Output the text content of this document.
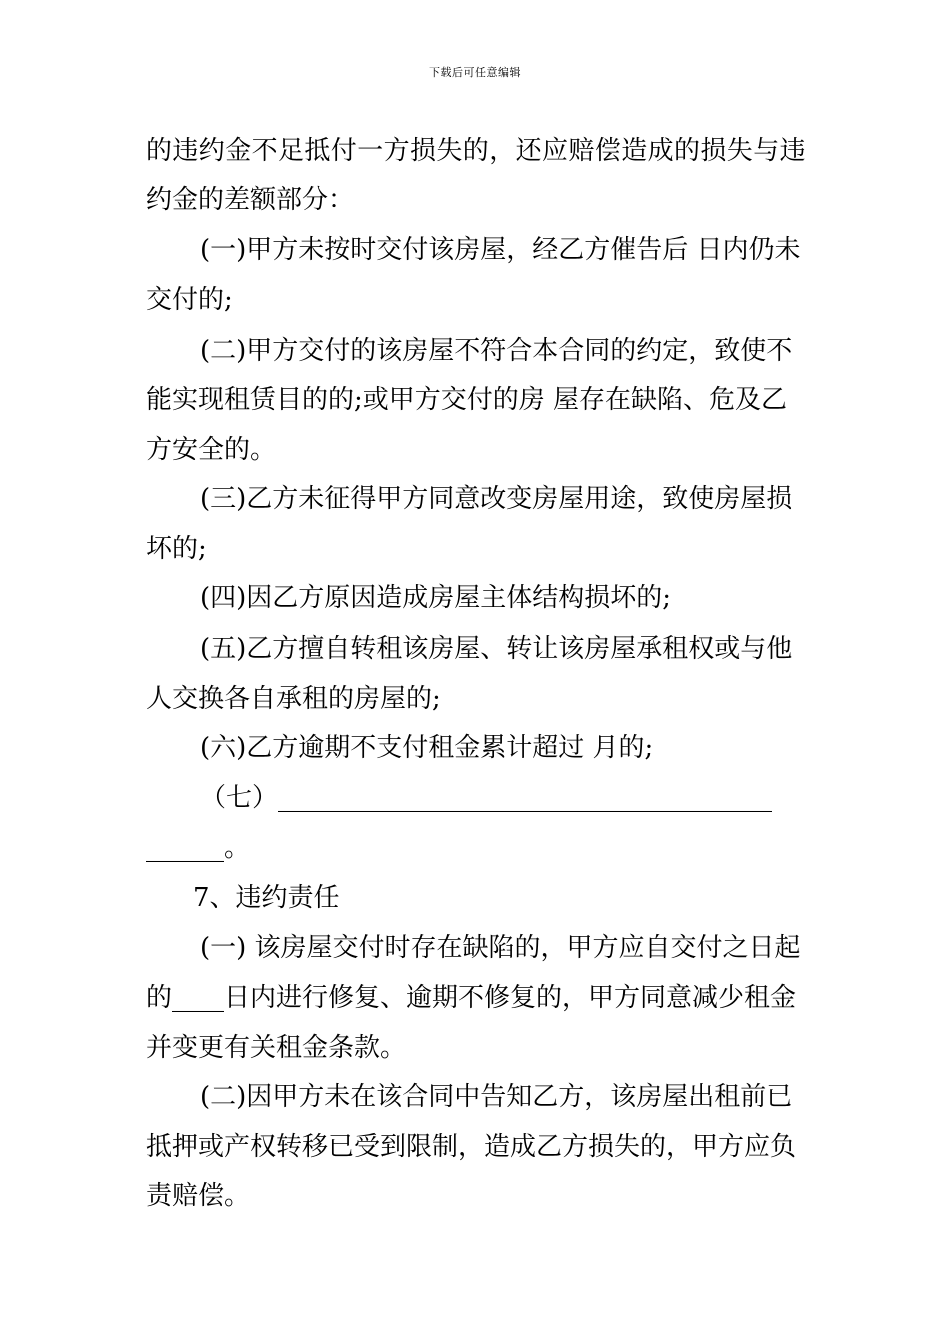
下载后可任意编辑
的违约金不足抵付一方损失的，还应赔偿造成的损失与违
约金的差额部分：
(一)甲方未按时交付该房屋，经乙方催告后 日内仍未
交付的;
(二)甲方交付的该房屋不符合本合同的约定，致使不
能实现租赁目的的;或甲方交付的房 屋存在缺陷、危及乙
方安全的。
(三)乙方未征得甲方同意改变房屋用途，致使房屋损
坏的;
(四)因乙方原因造成房屋主体结构损坏的;
(五)乙方擅自转租该房屋、转让该房屋承租权或与他
人交换各自承租的房屋的;
(六)乙方逾期不支付租金累计超过 月的;
（七）______________________________________
______。
7、违约责任
(一) 该房屋交付时存在缺陷的，甲方应自交付之日起
的____日内进行修复、逾期不修复的，甲方同意减少租金
并变更有关租金条款。
(二)因甲方未在该合同中告知乙方，该房屋出租前已
抵押或产权转移已受到限制，造成乙方损失的，甲方应负
责赔偿。
